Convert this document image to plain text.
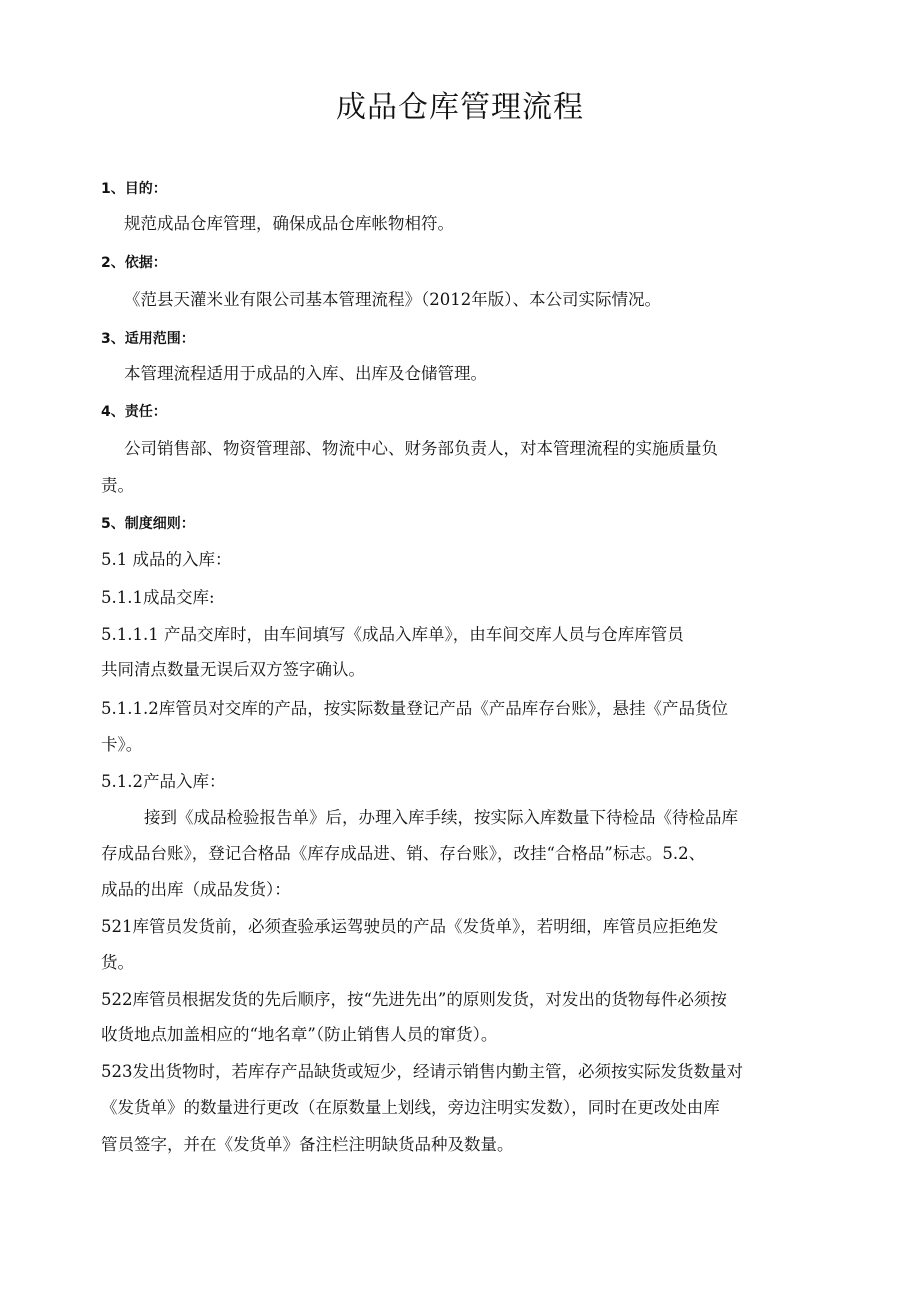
成品仓库管理流程
1、目的：
规范成品仓库管理，确保成品仓库帐物相符。
2、依据：
《范县天灌米业有限公司基本管理流程》（2012年版）、本公司实际情况。
3、适用范围：
本管理流程适用于成品的入库、出库及仓储管理。
4、责任：
公司销售部、物资管理部、物流中心、财务部负责人，对本管理流程的实施质量负
责。
5、制度细则：
5.1 成品的入库：
5.1.1成品交库:
5.1.1.1 产品交库时，由车间填写《成品入库单》，由车间交库人员与仓库库管员
共同清点数量无误后双方签字确认。
5.1.1.2库管员对交库的产品，按实际数量登记产品《产品库存台账》，悬挂《产品货位
卡》。
5.1.2产品入库：
接到《成品检验报告单》后，办理入库手续，按实际入库数量下待检品《待检品库
存成品台账》，登记合格品《库存成品进、销、存台账》，改挂“合格品”标志。5.2、
成品的出库（成品发货）：
521库管员发货前，必须查验承运驾驶员的产品《发货单》，若明细，库管员应拒绝发
货。
522库管员根据发货的先后顺序，按“先进先出”的原则发货，对发出的货物每件必须按
收货地点加盖相应的“地名章”（防止销售人员的窜货）。
523发出货物时，若库存产品缺货或短少，经请示销售内勤主管，必须按实际发货数量对
《发货单》的数量进行更改（在原数量上划线，旁边注明实发数），同时在更改处由库
管员签字，并在《发货单》备注栏注明缺货品种及数量。
